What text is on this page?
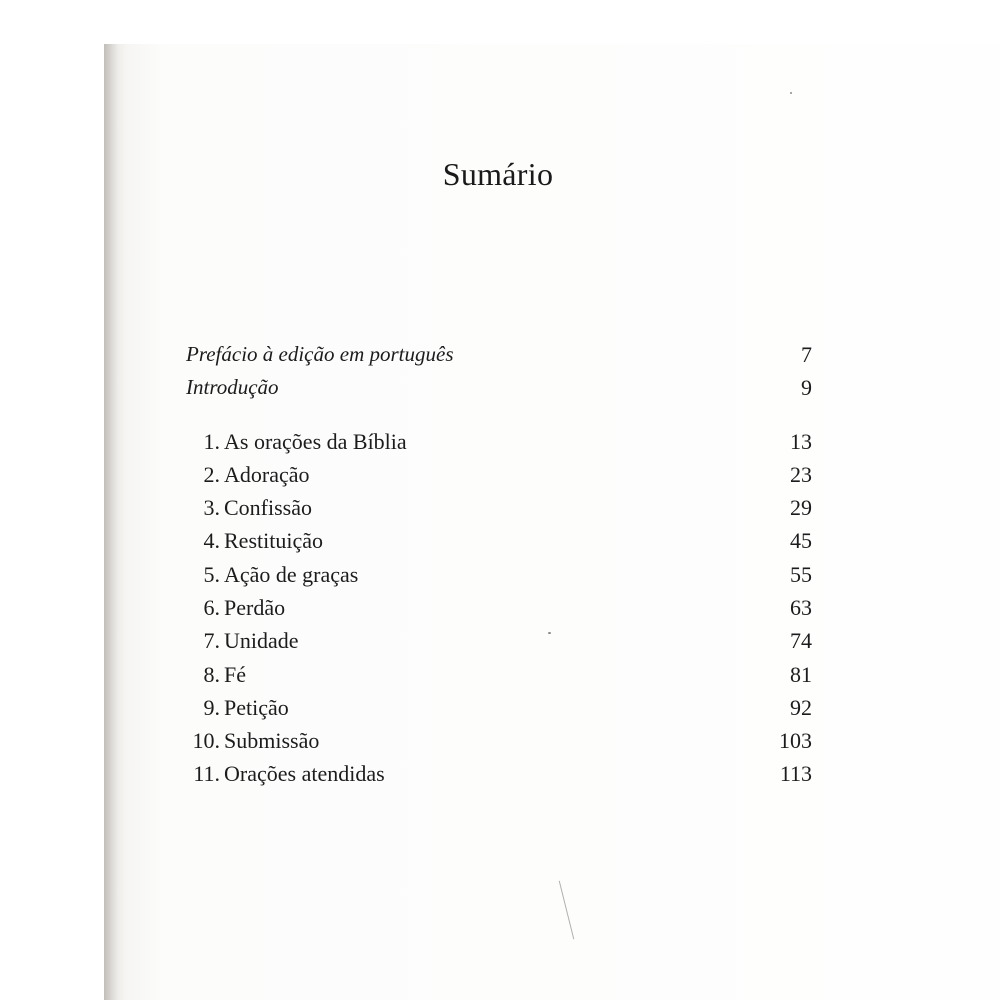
Sumário
Prefácio à edição em português	7
Introdução	9
1. As orações da Bíblia	13
2. Adoração	23
3. Confissão	29
4. Restituição	45
5. Ação de graças	55
6. Perdão	63
7. Unidade	74
8. Fé	81
9. Petição	92
10. Submissão	103
11. Orações atendidas	113
